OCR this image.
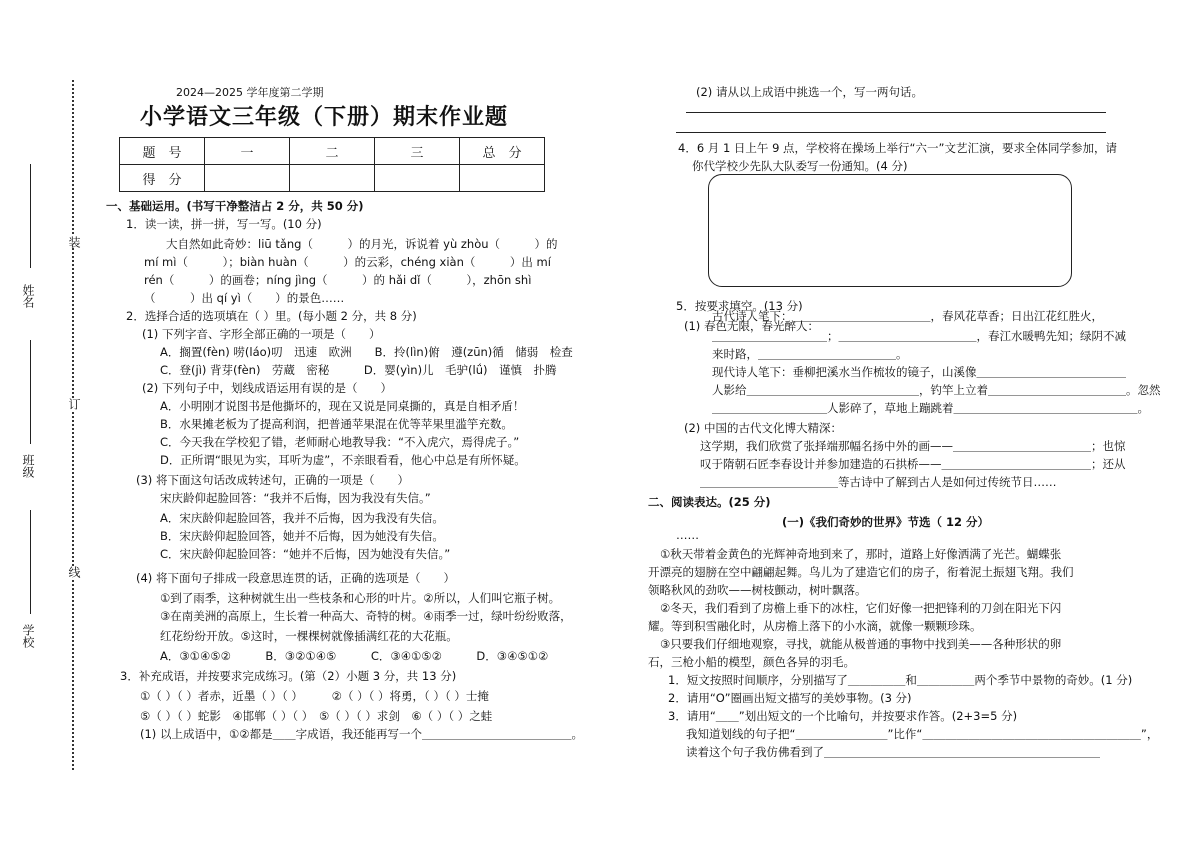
装
订
线
姓名
班级
学校
2024—2025 学年度第二学期
小学语文三年级（下册）期末作业题
题　号	一	二	三	总　分
得　分				
一、基础运用。(书写干净整洁占 2 分，共 50 分)
1．读一读，拼一拼，写一写。(10 分)
大自然如此奇妙：liū tǎng（　　　）的月光，诉说着 yù zhòu（　　　）的
mí mì（　　　）；biàn huàn（　　　）的云彩，chéng xiàn（　　　）出 mí
rén（　　　）的画卷；níng jìng（　　　）的 hǎi dǐ（　　　），zhōn shì
（　　　）出 qí yì（　　）的景色……
2．选择合适的选项填在（ ）里。(每小题 2 分，共 8 分)
(1) 下列字音、字形全部正确的一项是（　　）
A．搁置(fèn) 唠(láo)叨　迅速　欧洲　　B．拎(lìn)俯　遵(zūn)循　储弱　检查
C．登(jì) 背芽(fèn)　劳蔵　密秘　　　D．婴(yìn)儿　毛驴(lǘ)　谨慎　扑腾
(2) 下列句子中，划线成语运用有误的是（　　）
A．小明刚才说图书是他撕坏的，现在又说是同桌撕的，真是自相矛盾！
B．水果摊老板为了提高利润，把普通苹果混在优等苹果里滥竽充数。
C．今天我在学校犯了错，老师耐心地教导我：“不入虎穴，焉得虎子。”
D．正所谓“眼见为实，耳听为虚”，不亲眼看看，他心中总是有所怀疑。
(3) 将下面这句话改成转述句，正确的一项是（　　）
宋庆龄仰起脸回答：“我并不后悔，因为我没有失信。”
A．宋庆龄仰起脸回答，我并不后悔，因为我没有失信。
B．宋庆龄仰起脸回答，她并不后悔，因为她没有失信。
C．宋庆龄仰起脸回答：“她并不后悔，因为她没有失信。”
(4) 将下面句子排成一段意思连贯的话，正确的选项是（　　）
①到了雨季，这种树就生出一些枝条和心形的叶片。②所以，人们叫它瓶子树。
③在南美洲的高原上，生长着一种高大、奇特的树。④雨季一过，绿叶纷纷败落，
红花纷纷开放。⑤这时，一棵棵树就像插满红花的大花瓶。
A．③①④⑤②　　　B．③②①④⑤　　　C．③④①⑤②　　　D．③④⑤①②
3．补充成语，并按要求完成练习。(第（2）小题 3 分，共 13 分)
①（ ）（ ）者赤，近墨（ ）（ ）　　　②（ ）（ ）将勇，（ ）（ ）士掩
⑤（ ）（ ）蛇影　④邯郸（ ）（ ）　⑤（ ）（ ）求剑　⑥（ ）（ ）之蛙
(1) 以上成语中，①②都是＿＿字成语，我还能再写一个＿＿＿＿＿＿＿＿＿＿＿＿＿。
(2) 请从以上成语中挑选一个，写一两句话。
4．6 月 1 日上午 9 点，学校将在操场上举行“六一”文艺汇演，要求全体同学参加，请
你代学校少先队大队委写一份通知。(4 分)
5．按要求填空。(13 分)
(1) 春色无限，春光醉人：
古代诗人笔下：＿＿＿＿＿＿＿＿＿＿＿＿，春风花草香；日出江花红胜火，
＿＿＿＿＿＿＿＿＿＿；＿＿＿＿＿＿＿＿＿＿＿＿，春江水暖鸭先知；绿阴不减
来时路，＿＿＿＿＿＿＿＿＿＿＿＿。
现代诗人笔下：垂柳把溪水当作梳妆的镜子，山溪像＿＿＿＿＿＿＿＿＿＿＿＿＿
人影给＿＿＿＿＿＿＿＿＿＿＿＿＿＿＿，钓竿上立着＿＿＿＿＿＿＿＿＿＿＿＿。忽然
＿＿＿＿＿＿＿＿＿＿人影碎了，草地上蹦跳着＿＿＿＿＿＿＿＿＿＿＿＿＿＿＿＿。
(2) 中国的古代文化博大精深：
这学期，我们欣赏了张择端那幅名扬中外的画——＿＿＿＿＿＿＿＿＿＿＿＿；也惊
叹于隋朝石匠李春设计并参加建造的石拱桥——＿＿＿＿＿＿＿＿＿＿＿＿＿；还从
＿＿＿＿＿＿＿＿＿＿＿＿等古诗中了解到古人是如何过传统节日……
二、阅读表达。(25 分)
(一)《我们奇妙的世界》节选（ 12 分）
……
①秋天带着金黄色的光辉神奇地到来了，那时，道路上好像洒满了光芒。蝴蝶张
开漂亮的翅膀在空中翩翩起舞。鸟儿为了建造它们的房子，衔着泥土振翅飞翔。我们
领略秋风的劲吹——树枝颤动，树叶飘落。
②冬天，我们看到了房檐上垂下的冰柱，它们好像一把把锋利的刀剑在阳光下闪
耀。等到积雪融化时，从房檐上落下的小水滴，就像一颗颗珍珠。
③只要我们仔细地观察，寻找，就能从极普通的事物中找到美——各种形状的卵
石，三枪小船的模型，颜色各异的羽毛。
1．短文按照时间顺序，分别描写了＿＿＿＿＿和＿＿＿＿＿两个季节中景物的奇妙。(1 分)
2．请用“O”圈画出短文描写的美妙事物。(3 分)
3．请用“＿＿”划出短文的一个比喻句，并按要求作答。(2+3=5 分)
我知道划线的句子把“＿＿＿＿＿＿＿＿”比作“＿＿＿＿＿＿＿＿＿＿＿＿＿＿＿＿＿＿＿”，
读着这个句子我仿佛看到了＿＿＿＿＿＿＿＿＿＿＿＿＿＿＿＿＿＿＿＿＿＿＿＿
